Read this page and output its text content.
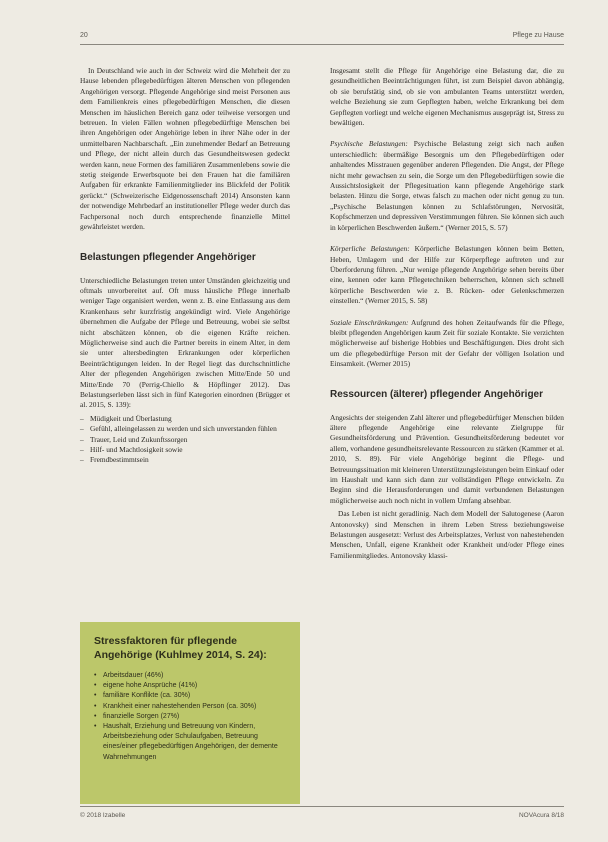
20	Pflege zu Hause

In Deutschland wie auch in der Schweiz wird die Mehrheit der zu Hause lebenden pflegebedürftigen älteren Menschen von pflegenden Angehörigen versorgt. Pflegende Angehörige sind meist Personen aus dem Familienkreis eines pflegebedürftigen Menschen, die diesen Menschen im häuslichen Bereich ganz oder teilweise versorgen und betreuen. In vielen Fällen wohnen pflegebedürftige Menschen bei ihren Angehörigen oder Angehörige leben in ihrer Nähe oder in der unmittelbaren Nachbarschaft. „Ein zunehmender Bedarf an Betreuung und Pflege, der nicht allein durch das Gesundheitswesen gedeckt werden kann, neue Formen des familiären Zusammenlebens sowie die stetig steigende Erwerbsquote bei den Frauen hat die familiären Aufgaben für erkrankte Familienmitglieder ins Blickfeld der Politik gerückt.“ (Schweizerische Eidgenossenschaft 2014) Ansonsten kann der notwendige Mehrbedarf an institutioneller Pflege weder durch das Fachpersonal noch durch entsprechende finanzielle Mittel gewährleistet werden.

Belastungen pflegender Angehöriger

Unterschiedliche Belastungen treten unter Umständen gleichzeitig und oftmals unvorbereitet auf. Oft muss häusliche Pflege innerhalb weniger Tage organisiert werden, wenn z. B. eine Entlassung aus dem Krankenhaus sehr kurzfristig angekündigt wird. Viele Angehörige übernehmen die Aufgabe der Pflege und Betreuung, wobei sie selbst nicht abschätzen können, ob die eigenen Kräfte reichen. Möglicherweise sind auch die Partner bereits in einem Alter, in dem sie unter altersbedingten Erkrankungen oder körperlichen Beeinträchtigungen leiden. In der Regel liegt das durchschnittliche Alter der pflegenden Angehörigen zwischen Mitte/Ende 50 und Mitte/Ende 70 (Perrig-Chiello & Höpflinger 2012). Das Belastungserleben lässt sich in fünf Kategorien einordnen (Brügger et al. 2015, S. 139):

– Müdigkeit und Überlastung
– Gefühl, alleingelassen zu werden und sich unverstanden fühlen
– Trauer, Leid und Zukunftssorgen
– Hilf- und Machtlosigkeit sowie
– Fremdbestimmtsein
Stressfaktoren für pflegende Angehörige (Kuhlmey 2014, S. 24):
• Arbeitsdauer (46%)
• eigene hohe Ansprüche (41%)
• familiäre Konflikte (ca. 30%)
• Krankheit einer nahestehenden Person (ca. 30%)
• finanzielle Sorgen (27%)
• Haushalt, Erziehung und Betreuung von Kindern, Arbeitsbeziehung oder Schulaufgaben, Betreuung eines/einer pflegebedürftigen Angehörigen, der demente Wahrnehmungen

Insgesamt stellt die Pflege für Angehörige eine Belastung dar, die zu gesundheitlichen Beeinträchtigungen führt, ist zum Beispiel davon abhängig, ob sie berufstätig sind, ob sie von ambulanten Teams unterstützt werden, welche Beziehung sie zum Gepflegten haben, welche Erkrankung bei dem Gepflegten vorliegt und welche eigenen Mechanismus ausgeprägt ist, Stress zu bewältigen.

Psychische Belastungen: Psychische Belastung zeigt sich nach außen unterschiedlich: übermäßige Besorgnis um den Pflegebedürftigen oder anhaltendes Misstrauen gegenüber anderen Pflegenden. Die Angst, der Pflege nicht mehr gewachsen zu sein, die Sorge um den Pflegebedürftigen sowie die Aussichtslosigkeit der Pflegesituation kann pflegende Angehörige stark belasten. Hinzu die Sorge, etwas falsch zu machen oder nicht genug zu tun. „Psychische Belastungen können zu Schlafstörungen, Nervosität, Kopfschmerzen und depressiven Verstimmungen führen. Sie können sich auch in körperlichen Beschwerden äußern.“ (Werner 2015, S. 57)

Körperliche Belastungen: Körperliche Belastungen können beim Betten, Heben, Umlagern und der Hilfe zur Körperpflege auftreten und zur Überforderung führen. „Nur wenige pflegende Angehörige sehen bereits über eine, kennen oder kann Pflegetechniken beherrschen, können sich schnell körperliche Beschwerden wie z. B. Rücken- oder Gelenkschmerzen einstellen.“ (Werner 2015, S. 58)

Soziale Einschränkungen: Aufgrund des hohen Zeitaufwands für die Pflege, bleibt pflegenden Angehörigen kaum Zeit für soziale Kontakte. Sie verzichten möglicherweise auf bisherige Hobbies und Beschäftigungen. Dies droht sich um die pflegebedürftige Person mit der Gefahr der völligen Isolation und Einsamkeit. (Werner 2015)

Ressourcen (älterer) pflegender Angehöriger

Angesichts der steigenden Zahl älterer und pflegebedürftiger Menschen bilden ältere pflegende Angehörige eine relevante Zielgruppe für Gesundheitsförderung und Prävention. Gesundheitsförderung bedeutet vor allem, vorhandene gesundheitsrelevante Ressourcen zu stärken (Kammer et al. 2010, S. 89). Für viele Angehörige beginnt die Pflege- und Betreuungssituation mit kleineren Unterstützungsleistungen beim Einkauf oder im Haushalt und kann sich dann zur vollständigen Pflege entwickeln. Zu Beginn sind die Herausforderungen und damit verbundenen Belastungen möglicherweise auch noch nicht in vollem Umfang absehbar.

Das Leben ist nicht geradlinig. Nach dem Modell der Salutogenese (Aaron Antonovsky) sind Menschen in ihrem Leben Stress beziehungsweise Belastungen ausgesetzt: Verlust des Arbeitsplatzes, Verlust von nahestehenden Menschen, Unfall, eigene Krankheit oder Krankheit und/oder Pflege eines Familienmitgliedes. Antonovsky klassi-

© 2018 Izabelle	NOVAcura 8/18
